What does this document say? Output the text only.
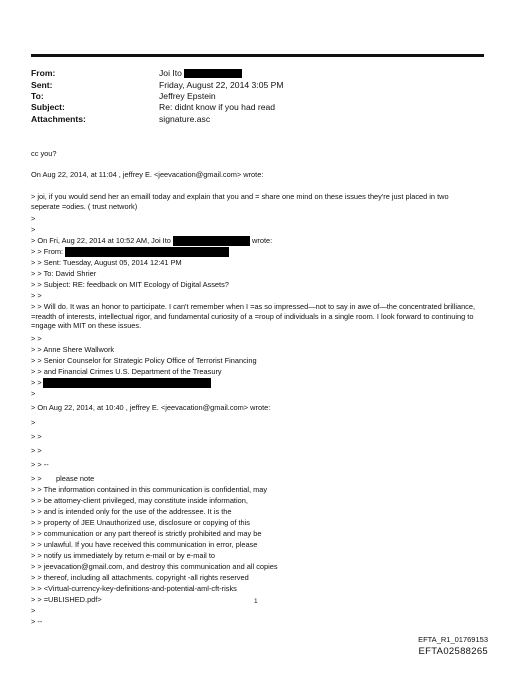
From:	Joi Ito
Sent:	Friday, August 22, 2014 3:05 PM
To:	Jeffrey Epstein
Subject:	Re: didnt know if you had read
Attachments:	signature.asc
cc you?
On Aug 22, 2014, at 11:04 , jeffrey E. <jeevacation@gmail.com> wrote:
> joi, if you would send her an emaill today and explain that you and = share one mind on these issues they're just placed in two seperate =odies. ( trust network)
>
>
> On Fri, Aug 22, 2014 at 10:52 AM, Joi Ito	wrote:
> > From:
> > Sent: Tuesday, August 05, 2014 12:41 PM
> > To: David Shrier
> > Subject: RE: feedback on MIT Ecology of Digital Assets?
> >
> > Will do. It was an honor to participate. I can't remember when I =as so impressed—not to say in awe of—the concentrated brilliance, =readth of interests, intellectual rigor, and fundamental curiosity of a =roup of individuals in a single room. I look forward to continuing to =ngage with MIT on these issues.
> >
> > Anne Shere Wallwork
> > Senior Counselor for Strategic Policy Office of Terrorist Financing
> > and Financial Crimes U.S. Department of the Treasury
> >
>
> On Aug 22, 2014, at 10:40 , jeffrey E. <jeevacation@gmail.com> wrote:
>
> >
> >
> > --
> >       please note
> > The information contained in this communication is confidential, may
> > be attorney-client privileged, may constitute inside information,
> > and is intended only for the use of the addressee. It is the
> > property of JEE Unauthorized use, disclosure or copying of this
> > communication or any part thereof is strictly prohibited and may be
> > unlawful. If you have received this communication in error, please
> > notify us immediately by return e-mail or by e-mail to
> > jeevacation@gmail.com, and destroy this communication and all copies
> > thereof, including all attachments. copyright -all rights reserved
> > <Virtual-currency-key-definitions-and-potential-aml-cft-risks
> > =UBLISHED.pdf>
>
> --
1
EFTA_R1_01769153
EFTA02588265
